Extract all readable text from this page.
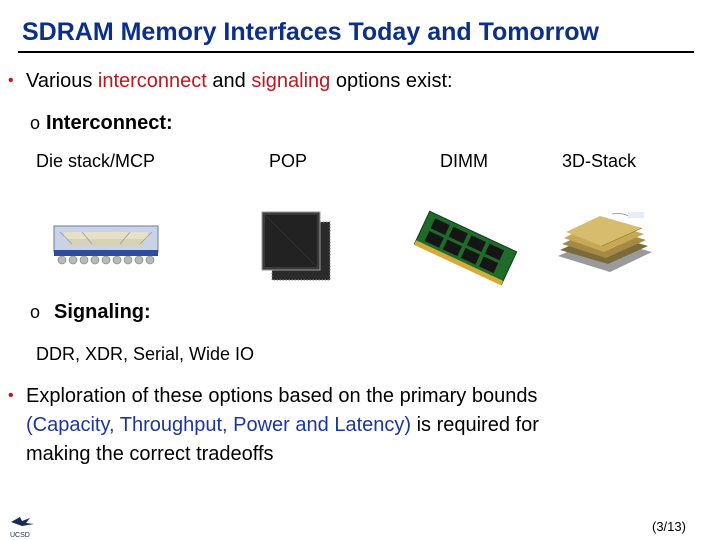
SDRAM Memory Interfaces Today and Tomorrow
• Various interconnect and signaling options exist:
o Interconnect:
Die stack/MCP	POP	DIMM	3D-Stack
o Signaling:
DDR, XDR, Serial, Wide IO
• Exploration of these options based on the primary bounds
(Capacity, Throughput, Power and Latency) is required for
making the correct tradeoffs
UCSD
(3/13)
